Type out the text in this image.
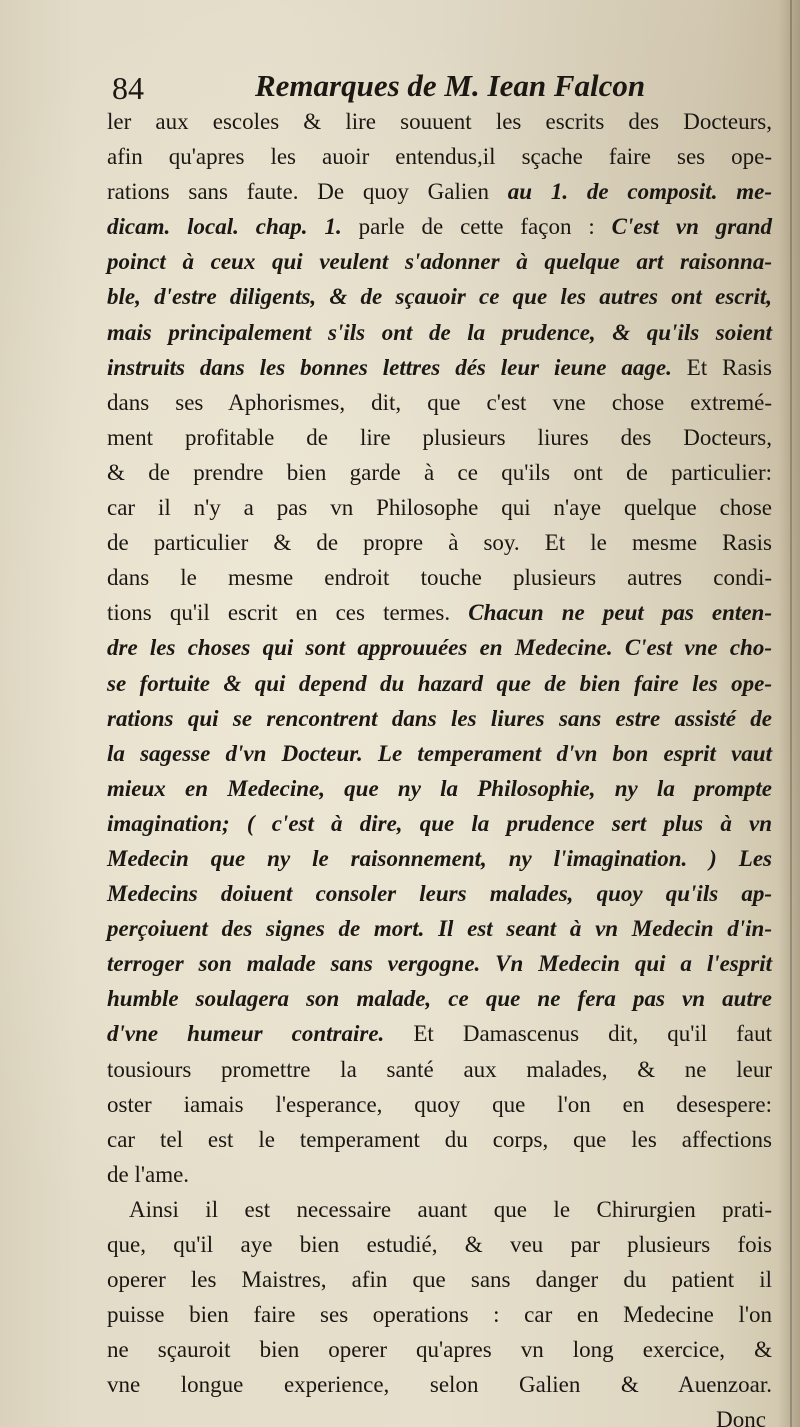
84	Remarques de M. Iean Falcon
ler aux escoles & lire souuent les escrits des Docteurs,
afin qu'apres les auoir entendus,il sçache faire ses ope-
rations sans faute. De quoy Galien au 1. de composit. me-
dicam. local. chap. 1. parle de cette façon : C'est vn grand
poinct à ceux qui veulent s'adonner à quelque art raisonna-
ble, d'estre diligents, & de sçauoir ce que les autres ont escrit,
mais principalement s'ils ont de la prudence, & qu'ils soient
instruits dans les bonnes lettres dés leur ieune aage. Et Rasis
dans ses Aphorismes, dit, que c'est vne chose extremé-
ment profitable de lire plusieurs liures des Docteurs,
& de prendre bien garde à ce qu'ils ont de particulier:
car il n'y a pas vn Philosophe qui n'aye quelque chose
de particulier & de propre à soy. Et le mesme Rasis
dans le mesme endroit touche plusieurs autres condi-
tions qu'il escrit en ces termes. Chacun ne peut pas enten-
dre les choses qui sont approuuées en Medecine. C'est vne cho-
se fortuite & qui depend du hazard que de bien faire les ope-
rations qui se rencontrent dans les liures sans estre assisté de
la sagesse d'vn Docteur. Le temperament d'vn bon esprit vaut
mieux en Medecine, que ny la Philosophie, ny la prompte
imagination; ( c'est à dire, que la prudence sert plus à vn
Medecin que ny le raisonnement, ny l'imagination. ) Les
Medecins doiuent consoler leurs malades, quoy qu'ils ap-
perçoiuent des signes de mort. Il est seant à vn Medecin d'in-
terroger son malade sans vergogne. Vn Medecin qui a l'esprit
humble soulagera son malade, ce que ne fera pas vn autre
d'vne humeur contraire. Et Damascenus dit, qu'il faut
tousiours promettre la santé aux malades, & ne leur
oster iamais l'esperance, quoy que l'on en desespere:
car tel est le temperament du corps, que les affections
de l'ame.
Ainsi il est necessaire auant que le Chirurgien prati-
que, qu'il aye bien estudié, & veu par plusieurs fois
operer les Maistres, afin que sans danger du patient il
puisse bien faire ses operations : car en Medecine l'on
ne sçauroit bien operer qu'apres vn long exercice, &
vne longue experience, selon Galien & Auenzoar.
Donc
